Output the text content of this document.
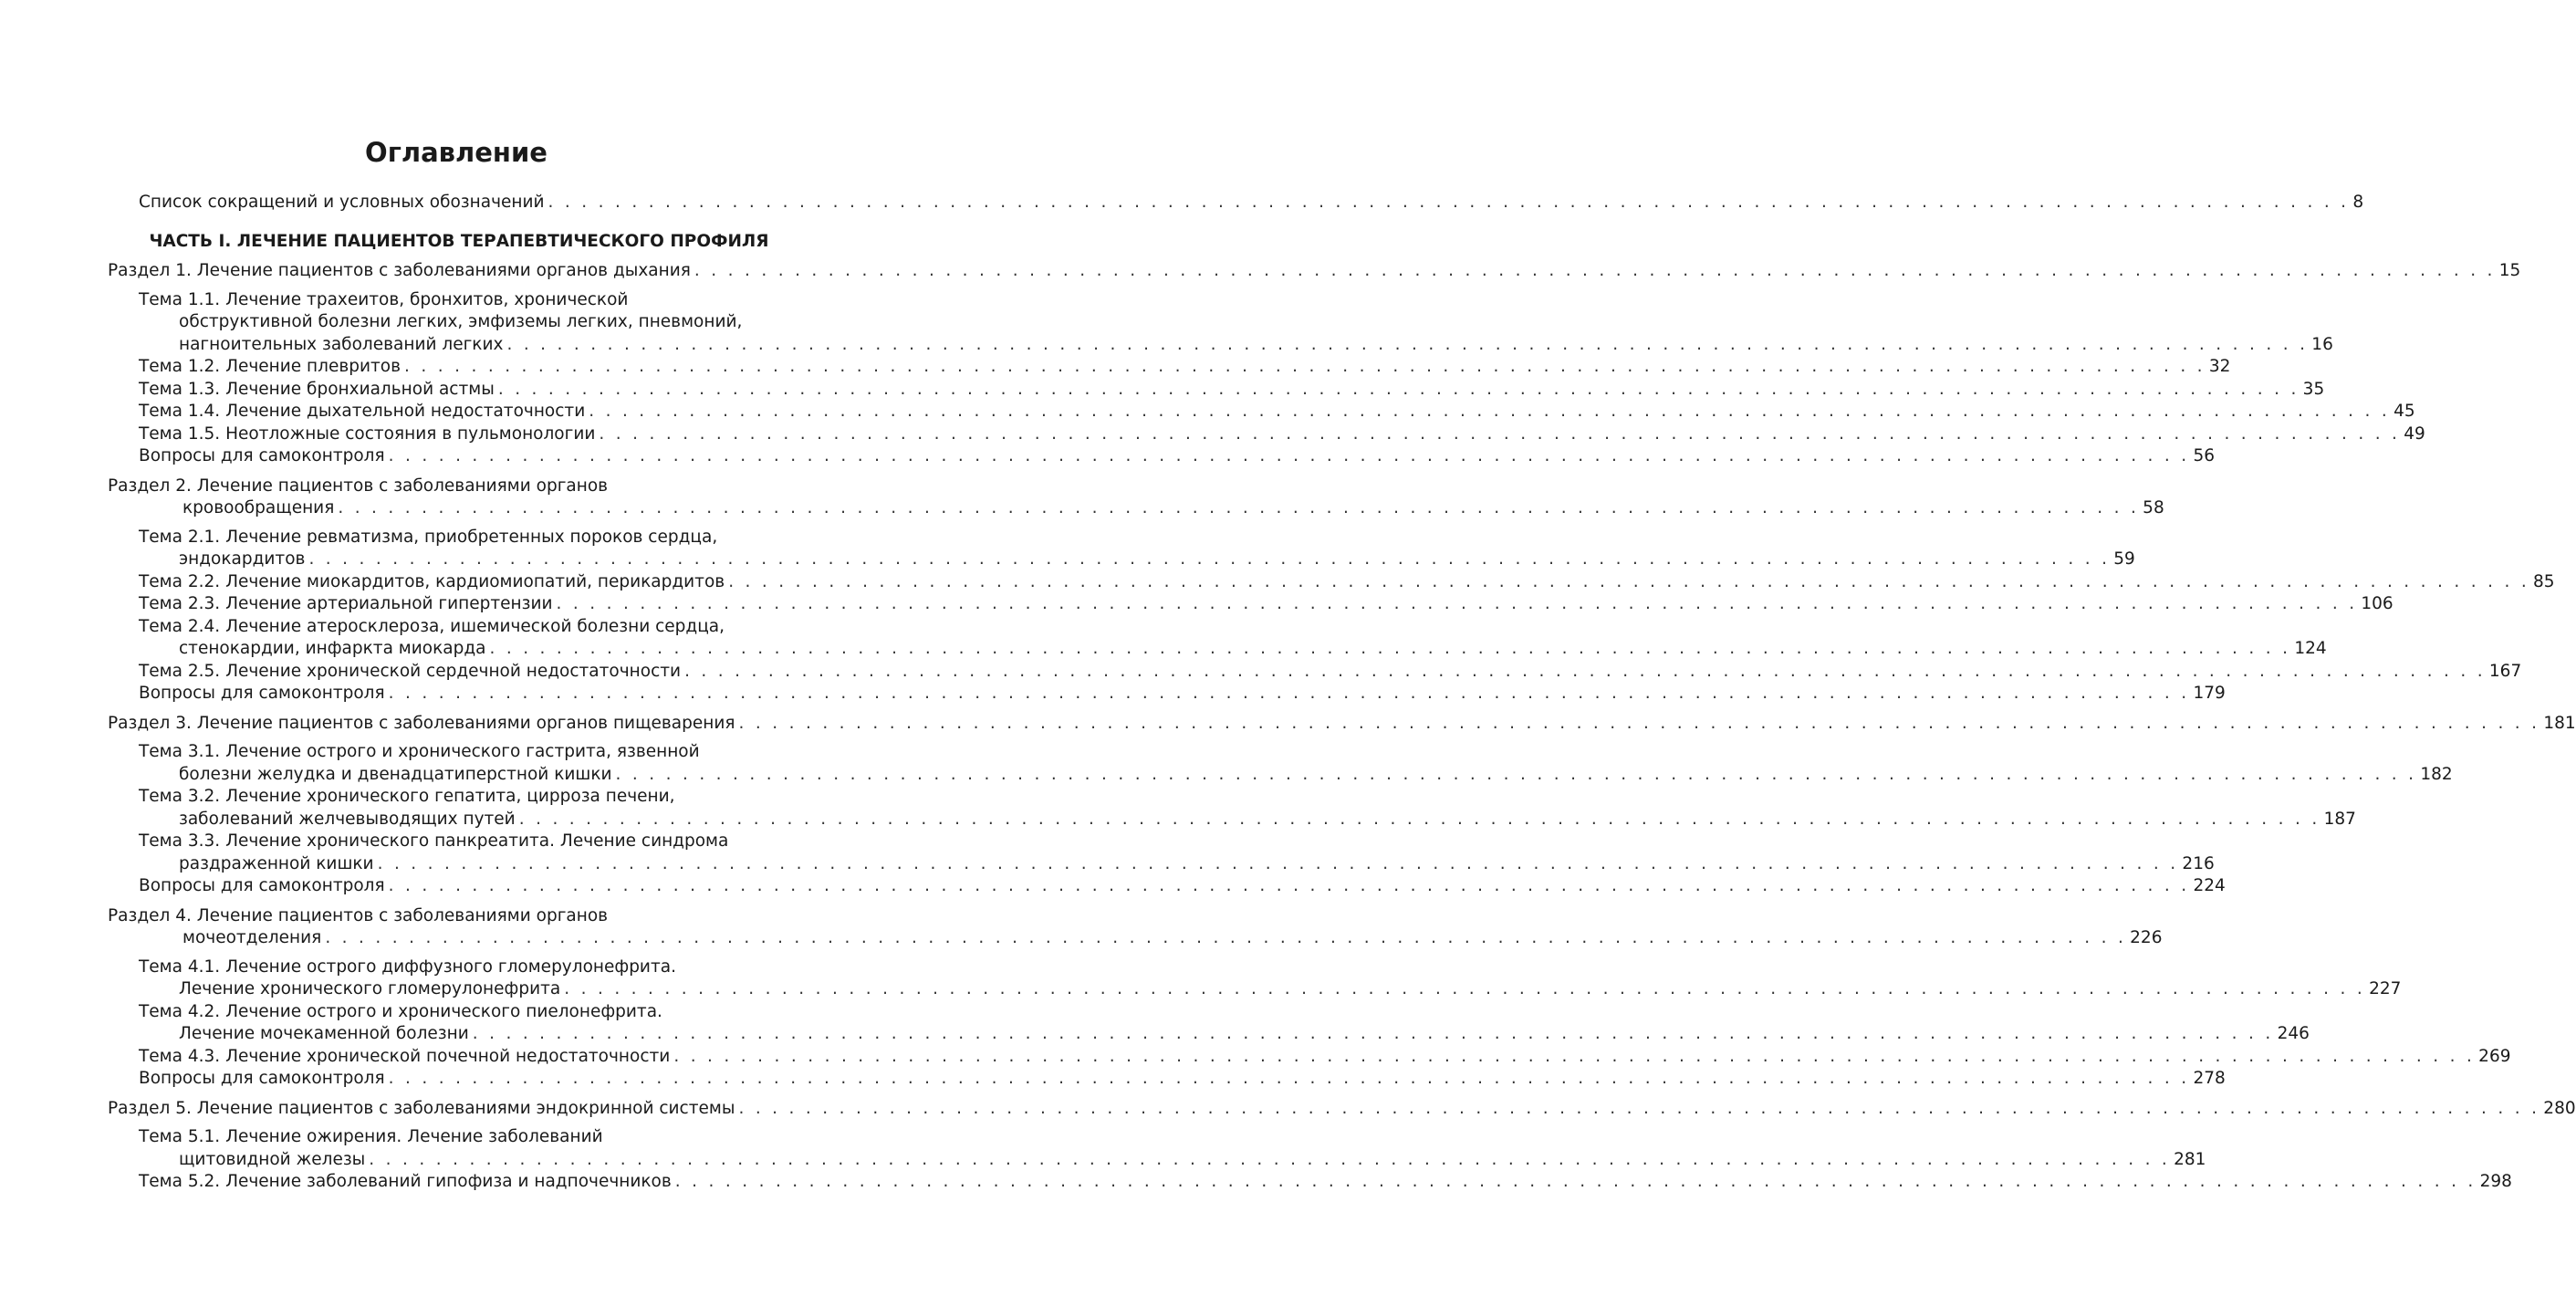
Оглавление
Список сокращений и условных обозначений . . . . . . . . . . . . . . . . . . . . . . . . . . . . . . . . . . . . . . . . . . . . . . . . . . . . . . . . . . . . . . . . . . . . . . . . . . . . . . . . . . . . . . . . . . . . . . . . . . . . . . . . . . . . 8
ЧАСТЬ I. ЛЕЧЕНИЕ ПАЦИЕНТОВ ТЕРАПЕВТИЧЕСКОГО ПРОФИЛЯ
Раздел 1. Лечение пациентов с заболеваниями органов дыхания . . . . . . . . . . . . . . . . . . . . . . . . . . . . . . . . . . . . . . . . . . . . . . . . . . . . . . . . . . . . . . . . . . . . . . . . . . . . . . . . . . . . . . . . . . . . . . . . . . . . . . . . . . . . 15
Тема 1.1. Лечение трахеитов, бронхитов, хронической
обструктивной болезни легких, эмфиземы легких, пневмоний,
нагноительных заболеваний легких . . . . . . . . . . . . . . . . . . . . . . . . . . . . . . . . . . . . . . . . . . . . . . . . . . . . . . . . . . . . . . . . . . . . . . . . . . . . . . . . . . . . . . . . . . . . . . . . . . . . . . . . . . . . 16
Тема 1.2. Лечение плевритов . . . . . . . . . . . . . . . . . . . . . . . . . . . . . . . . . . . . . . . . . . . . . . . . . . . . . . . . . . . . . . . . . . . . . . . . . . . . . . . . . . . . . . . . . . . . . . . . . . . . . . . . . . . . 32
Тема 1.3. Лечение бронхиальной астмы . . . . . . . . . . . . . . . . . . . . . . . . . . . . . . . . . . . . . . . . . . . . . . . . . . . . . . . . . . . . . . . . . . . . . . . . . . . . . . . . . . . . . . . . . . . . . . . . . . . . . . . . . . . . 35
Тема 1.4. Лечение дыхательной недостаточности . . . . . . . . . . . . . . . . . . . . . . . . . . . . . . . . . . . . . . . . . . . . . . . . . . . . . . . . . . . . . . . . . . . . . . . . . . . . . . . . . . . . . . . . . . . . . . . . . . . . . . . . . . . . 45
Тема 1.5. Неотложные состояния в пульмонологии . . . . . . . . . . . . . . . . . . . . . . . . . . . . . . . . . . . . . . . . . . . . . . . . . . . . . . . . . . . . . . . . . . . . . . . . . . . . . . . . . . . . . . . . . . . . . . . . . . . . . . . . . . . . 49
Вопросы для самоконтроля . . . . . . . . . . . . . . . . . . . . . . . . . . . . . . . . . . . . . . . . . . . . . . . . . . . . . . . . . . . . . . . . . . . . . . . . . . . . . . . . . . . . . . . . . . . . . . . . . . . . . . . . . . . . 56
Раздел 2. Лечение пациентов с заболеваниями органов
кровообращения . . . . . . . . . . . . . . . . . . . . . . . . . . . . . . . . . . . . . . . . . . . . . . . . . . . . . . . . . . . . . . . . . . . . . . . . . . . . . . . . . . . . . . . . . . . . . . . . . . . . . . . . . . . . 58
Тема 2.1. Лечение ревматизма, приобретенных пороков сердца,
эндокардитов . . . . . . . . . . . . . . . . . . . . . . . . . . . . . . . . . . . . . . . . . . . . . . . . . . . . . . . . . . . . . . . . . . . . . . . . . . . . . . . . . . . . . . . . . . . . . . . . . . . . . . . . . . . . 59
Тема 2.2. Лечение миокардитов, кардиомиопатий, перикардитов . . . . . . . . . . . . . . . . . . . . . . . . . . . . . . . . . . . . . . . . . . . . . . . . . . . . . . . . . . . . . . . . . . . . . . . . . . . . . . . . . . . . . . . . . . . . . . . . . . . . . . . . . . . . 85
Тема 2.3. Лечение артериальной гипертензии . . . . . . . . . . . . . . . . . . . . . . . . . . . . . . . . . . . . . . . . . . . . . . . . . . . . . . . . . . . . . . . . . . . . . . . . . . . . . . . . . . . . . . . . . . . . . . . . . . . . . . . . . . . . 106
Тема 2.4. Лечение атеросклероза, ишемической болезни сердца,
стенокардии, инфаркта миокарда . . . . . . . . . . . . . . . . . . . . . . . . . . . . . . . . . . . . . . . . . . . . . . . . . . . . . . . . . . . . . . . . . . . . . . . . . . . . . . . . . . . . . . . . . . . . . . . . . . . . . . . . . . . . 124
Тема 2.5. Лечение хронической сердечной недостаточности . . . . . . . . . . . . . . . . . . . . . . . . . . . . . . . . . . . . . . . . . . . . . . . . . . . . . . . . . . . . . . . . . . . . . . . . . . . . . . . . . . . . . . . . . . . . . . . . . . . . . . . . . . . . 167
Вопросы для самоконтроля . . . . . . . . . . . . . . . . . . . . . . . . . . . . . . . . . . . . . . . . . . . . . . . . . . . . . . . . . . . . . . . . . . . . . . . . . . . . . . . . . . . . . . . . . . . . . . . . . . . . . . . . . . . . 179
Раздел 3. Лечение пациентов с заболеваниями органов пищеварения . . . . . . . . . . . . . . . . . . . . . . . . . . . . . . . . . . . . . . . . . . . . . . . . . . . . . . . . . . . . . . . . . . . . . . . . . . . . . . . . . . . . . . . . . . . . . . . . . . . . . . . . . . . . 181
Тема 3.1. Лечение острого и хронического гастрита, язвенной
болезни желудка и двенадцатиперстной кишки . . . . . . . . . . . . . . . . . . . . . . . . . . . . . . . . . . . . . . . . . . . . . . . . . . . . . . . . . . . . . . . . . . . . . . . . . . . . . . . . . . . . . . . . . . . . . . . . . . . . . . . . . . . . 182
Тема 3.2. Лечение хронического гепатита, цирроза печени,
заболеваний желчевыводящих путей . . . . . . . . . . . . . . . . . . . . . . . . . . . . . . . . . . . . . . . . . . . . . . . . . . . . . . . . . . . . . . . . . . . . . . . . . . . . . . . . . . . . . . . . . . . . . . . . . . . . . . . . . . . . 187
Тема 3.3. Лечение хронического панкреатита. Лечение синдрома
раздраженной кишки . . . . . . . . . . . . . . . . . . . . . . . . . . . . . . . . . . . . . . . . . . . . . . . . . . . . . . . . . . . . . . . . . . . . . . . . . . . . . . . . . . . . . . . . . . . . . . . . . . . . . . . . . . . . 216
Вопросы для самоконтроля . . . . . . . . . . . . . . . . . . . . . . . . . . . . . . . . . . . . . . . . . . . . . . . . . . . . . . . . . . . . . . . . . . . . . . . . . . . . . . . . . . . . . . . . . . . . . . . . . . . . . . . . . . . . 224
Раздел 4. Лечение пациентов с заболеваниями органов
мочеотделения . . . . . . . . . . . . . . . . . . . . . . . . . . . . . . . . . . . . . . . . . . . . . . . . . . . . . . . . . . . . . . . . . . . . . . . . . . . . . . . . . . . . . . . . . . . . . . . . . . . . . . . . . . . . 226
Тема 4.1. Лечение острого диффузного гломерулонефрита.
Лечение хронического гломерулонефрита . . . . . . . . . . . . . . . . . . . . . . . . . . . . . . . . . . . . . . . . . . . . . . . . . . . . . . . . . . . . . . . . . . . . . . . . . . . . . . . . . . . . . . . . . . . . . . . . . . . . . . . . . . . . 227
Тема 4.2. Лечение острого и хронического пиелонефрита.
Лечение мочекаменной болезни . . . . . . . . . . . . . . . . . . . . . . . . . . . . . . . . . . . . . . . . . . . . . . . . . . . . . . . . . . . . . . . . . . . . . . . . . . . . . . . . . . . . . . . . . . . . . . . . . . . . . . . . . . . . 246
Тема 4.3. Лечение хронической почечной недостаточности . . . . . . . . . . . . . . . . . . . . . . . . . . . . . . . . . . . . . . . . . . . . . . . . . . . . . . . . . . . . . . . . . . . . . . . . . . . . . . . . . . . . . . . . . . . . . . . . . . . . . . . . . . . . 269
Вопросы для самоконтроля . . . . . . . . . . . . . . . . . . . . . . . . . . . . . . . . . . . . . . . . . . . . . . . . . . . . . . . . . . . . . . . . . . . . . . . . . . . . . . . . . . . . . . . . . . . . . . . . . . . . . . . . . . . . 278
Раздел 5. Лечение пациентов с заболеваниями эндокринной системы . . . . . . . . . . . . . . . . . . . . . . . . . . . . . . . . . . . . . . . . . . . . . . . . . . . . . . . . . . . . . . . . . . . . . . . . . . . . . . . . . . . . . . . . . . . . . . . . . . . . . . . . . . . . 280
Тема 5.1. Лечение ожирения. Лечение заболеваний
щитовидной железы . . . . . . . . . . . . . . . . . . . . . . . . . . . . . . . . . . . . . . . . . . . . . . . . . . . . . . . . . . . . . . . . . . . . . . . . . . . . . . . . . . . . . . . . . . . . . . . . . . . . . . . . . . . . 281
Тема 5.2. Лечение заболеваний гипофиза и надпочечников . . . . . . . . . . . . . . . . . . . . . . . . . . . . . . . . . . . . . . . . . . . . . . . . . . . . . . . . . . . . . . . . . . . . . . . . . . . . . . . . . . . . . . . . . . . . . . . . . . . . . . . . . . . . 298
